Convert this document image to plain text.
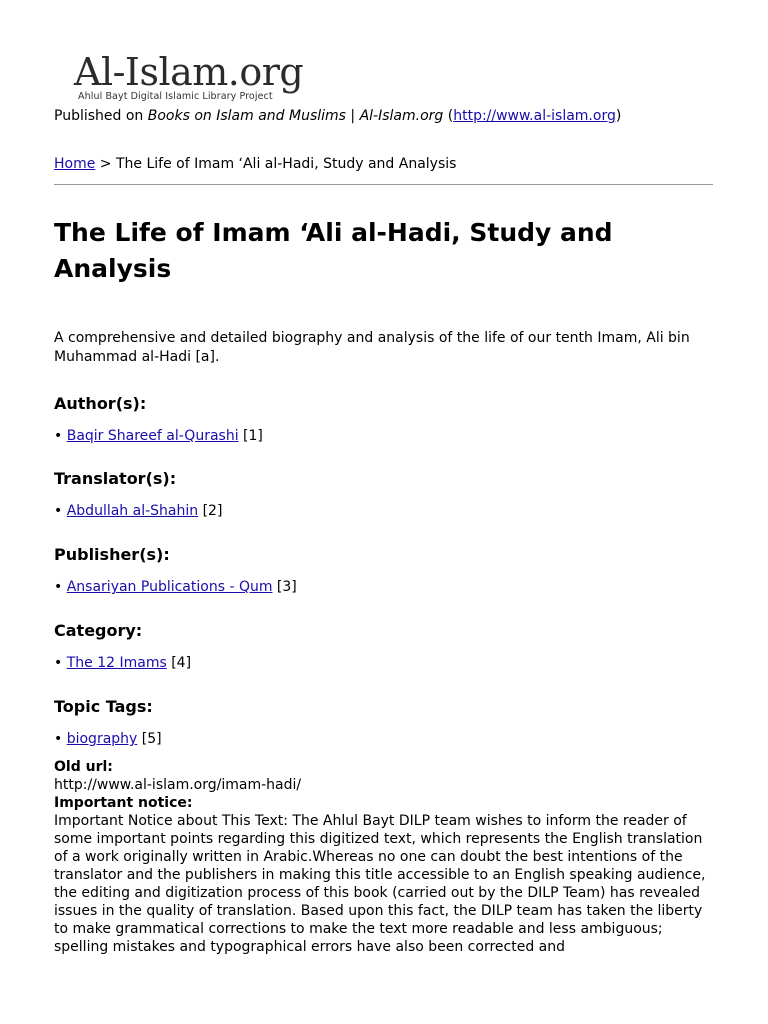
Al-Islam.org
Ahlul Bayt Digital Islamic Library Project
Published on Books on Islam and Muslims | Al-Islam.org (http://www.al-islam.org)
Home > The Life of Imam ‘Ali al-Hadi, Study and Analysis
The Life of Imam ‘Ali al-Hadi, Study and Analysis
A comprehensive and detailed biography and analysis of the life of our tenth Imam, Ali bin Muhammad al-Hadi [a].
Author(s):
• Baqir Shareef al-Qurashi [1]
Translator(s):
• Abdullah al-Shahin [2]
Publisher(s):
• Ansariyan Publications - Qum [3]
Category:
• The 12 Imams [4]
Topic Tags:
• biography [5]
Old url:
http://www.al-islam.org/imam-hadi/
Important notice:
Important Notice about This Text: The Ahlul Bayt DILP team wishes to inform the reader of some important points regarding this digitized text, which represents the English translation of a work originally written in Arabic.Whereas no one can doubt the best intentions of the translator and the publishers in making this title accessible to an English speaking audience, the editing and digitization process of this book (carried out by the DILP Team) has revealed issues in the quality of translation. Based upon this fact, the DILP team has taken the liberty to make grammatical corrections to make the text more readable and less ambiguous; spelling mistakes and typographical errors have also been corrected and
